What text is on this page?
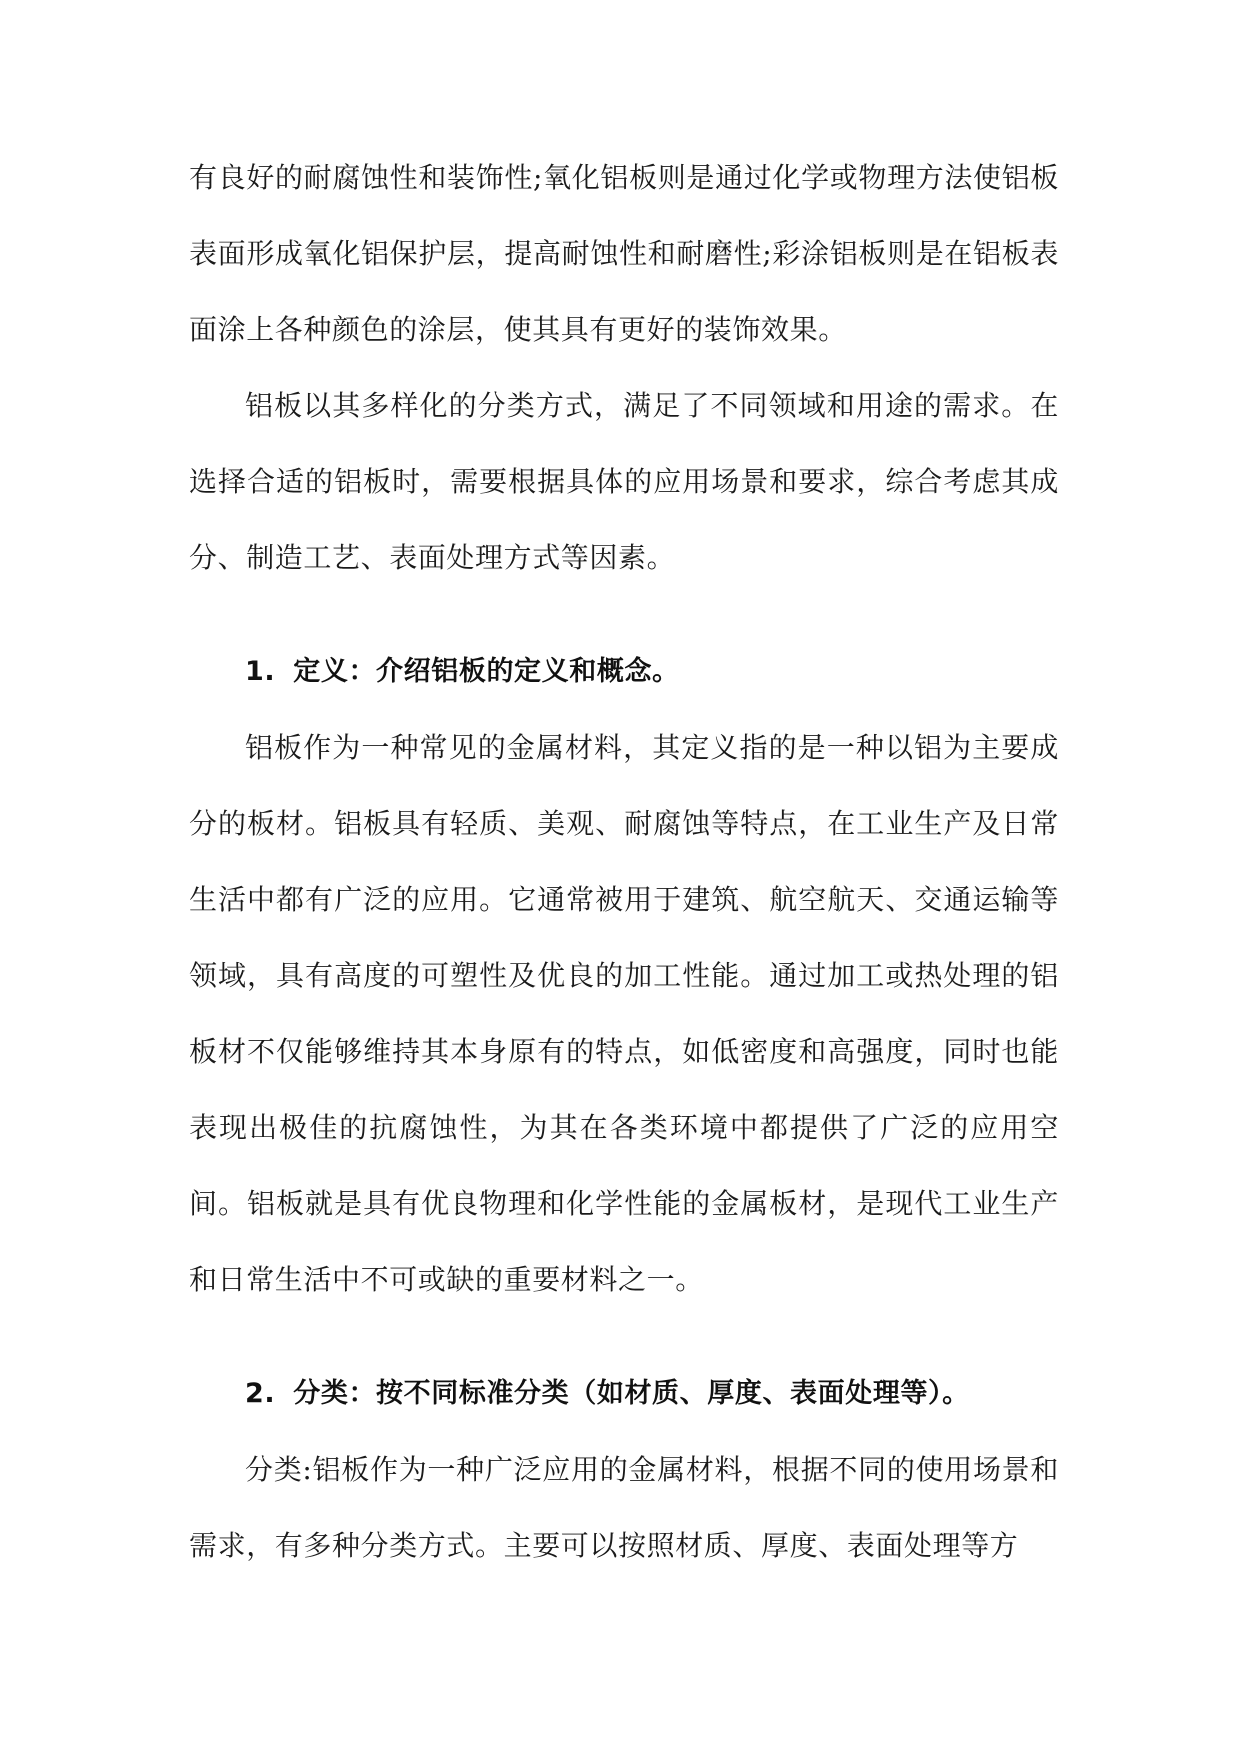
有良好的耐腐蚀性和装饰性;氧化铝板则是通过化学或物理方法使铝板表面形成氧化铝保护层，提高耐蚀性和耐磨性;彩涂铝板则是在铝板表面涂上各种颜色的涂层，使其具有更好的装饰效果。

铝板以其多样化的分类方式，满足了不同领域和用途的需求。在选择合适的铝板时，需要根据具体的应用场景和要求，综合考虑其成分、制造工艺、表面处理方式等因素。

1. 定义：介绍铝板的定义和概念。

铝板作为一种常见的金属材料，其定义指的是一种以铝为主要成分的板材。铝板具有轻质、美观、耐腐蚀等特点，在工业生产及日常生活中都有广泛的应用。它通常被用于建筑、航空航天、交通运输等领域，具有高度的可塑性及优良的加工性能。通过加工或热处理的铝板材不仅能够维持其本身原有的特点，如低密度和高强度，同时也能表现出极佳的抗腐蚀性，为其在各类环境中都提供了广泛的应用空间。铝板就是具有优良物理和化学性能的金属板材，是现代工业生产和日常生活中不可或缺的重要材料之一。

2. 分类：按不同标准分类（如材质、厚度、表面处理等）。

分类:铝板作为一种广泛应用的金属材料，根据不同的使用场景和需求，有多种分类方式。主要可以按照材质、厚度、表面处理等方
